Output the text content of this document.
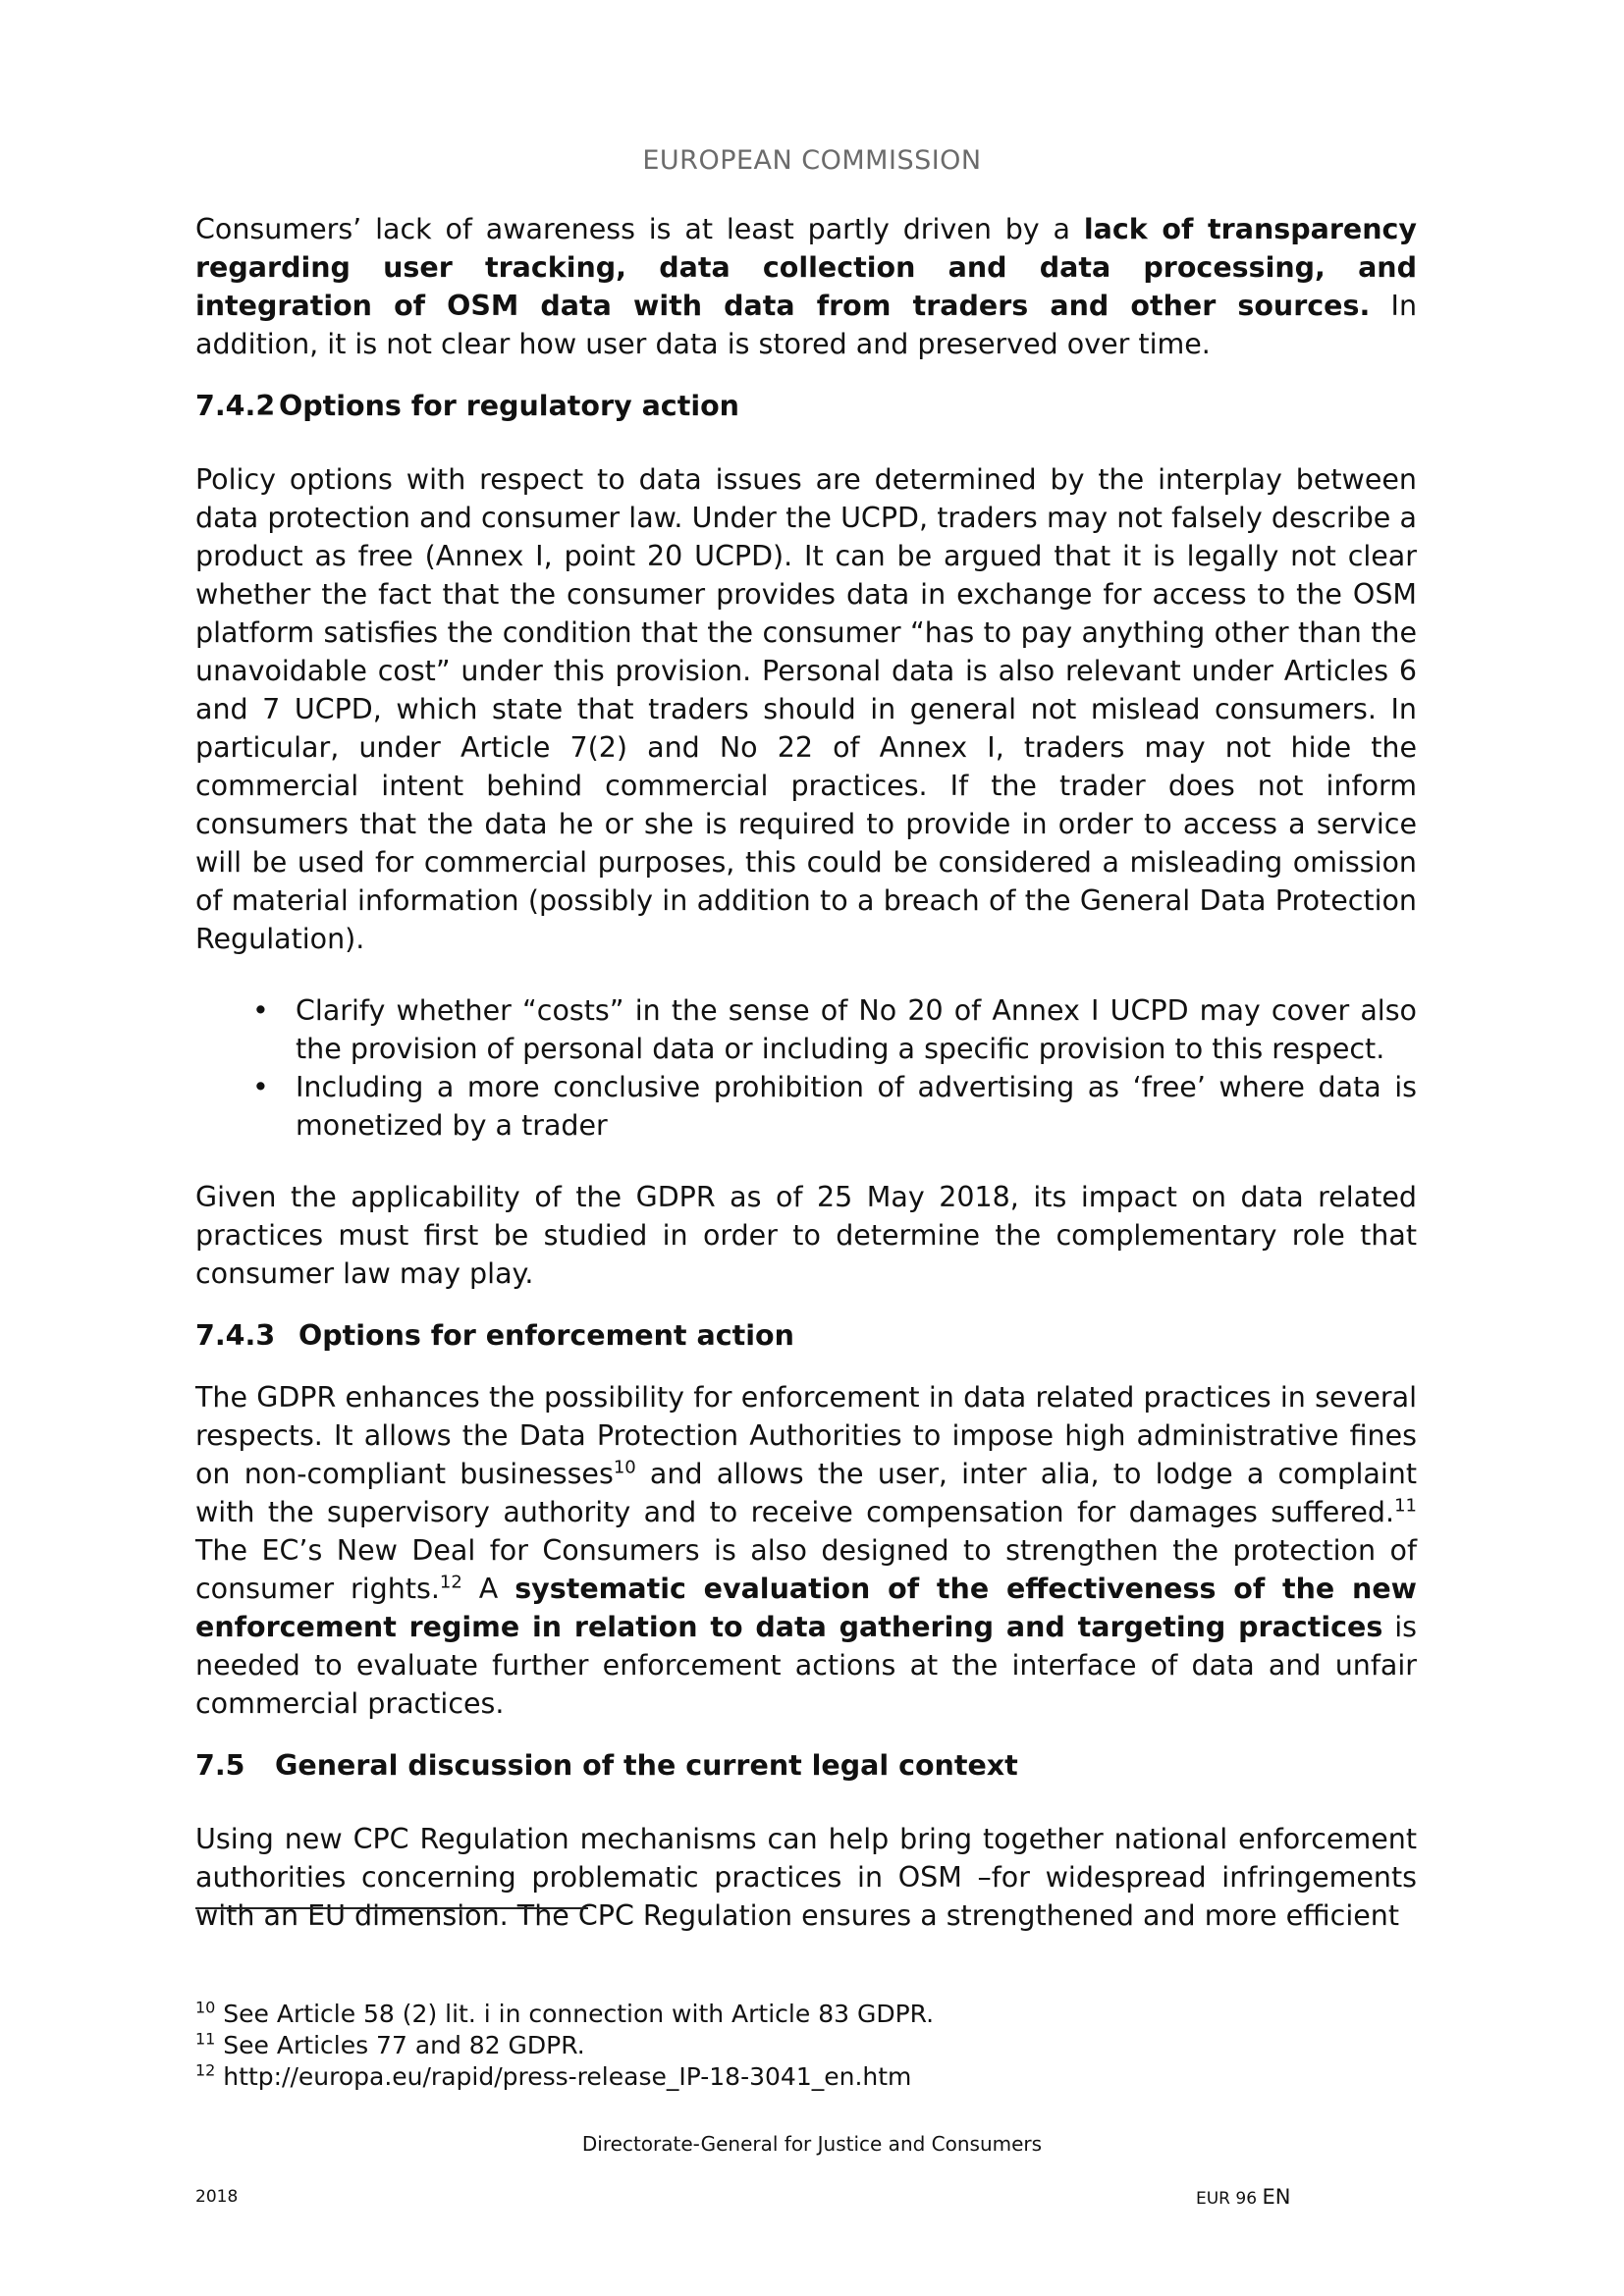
EUROPEAN COMMISSION

Consumers’ lack of awareness is at least partly driven by a lack of transparency regarding user tracking, data collection and data processing, and integration of OSM data with data from traders and other sources. In addition, it is not clear how user data is stored and preserved over time.

7.4.2 Options for regulatory action

Policy options with respect to data issues are determined by the interplay between data protection and consumer law. Under the UCPD, traders may not falsely describe a product as free (Annex I, point 20 UCPD). It can be argued that it is legally not clear whether the fact that the consumer provides data in exchange for access to the OSM platform satisfies the condition that the consumer “has to pay anything other than the unavoidable cost” under this provision. Personal data is also relevant under Articles 6 and 7 UCPD, which state that traders should in general not mislead consumers. In particular, under Article 7(2) and No 22 of Annex I, traders may not hide the commercial intent behind commercial practices. If the trader does not inform consumers that the data he or she is required to provide in order to access a service will be used for commercial purposes, this could be considered a misleading omission of material information (possibly in addition to a breach of the General Data Protection Regulation).

• Clarify whether “costs” in the sense of No 20 of Annex I UCPD may cover also the provision of personal data or including a specific provision to this respect.
• Including a more conclusive prohibition of advertising as ‘free’ where data is monetized by a trader

Given the applicability of the GDPR as of 25 May 2018, its impact on data related practices must first be studied in order to determine the complementary role that consumer law may play.

7.4.3 Options for enforcement action

The GDPR enhances the possibility for enforcement in data related practices in several respects. It allows the Data Protection Authorities to impose high administrative fines on non-compliant businesses$^{10}$ and allows the user, inter alia, to lodge a complaint with the supervisory authority and to receive compensation for damages suffered.$^{11}$ The EC’s New Deal for Consumers is also designed to strengthen the protection of consumer rights.$^{12}$ A systematic evaluation of the effectiveness of the new enforcement regime in relation to data gathering and targeting practices is needed to evaluate further enforcement actions at the interface of data and unfair commercial practices.

7.5 General discussion of the current legal context

Using new CPC Regulation mechanisms can help bring together national enforcement authorities concerning problematic practices in OSM –for widespread infringements with an EU dimension. The CPC Regulation ensures a strengthened and more efficient

$^{10}$ See Article 58 (2) lit. i in connection with Article 83 GDPR.
$^{11}$ See Articles 77 and 82 GDPR.
$^{12}$ http://europa.eu/rapid/press-release_IP-18-3041_en.htm
Directorate-General for Justice and Consumers
2018	EUR 96 EN
